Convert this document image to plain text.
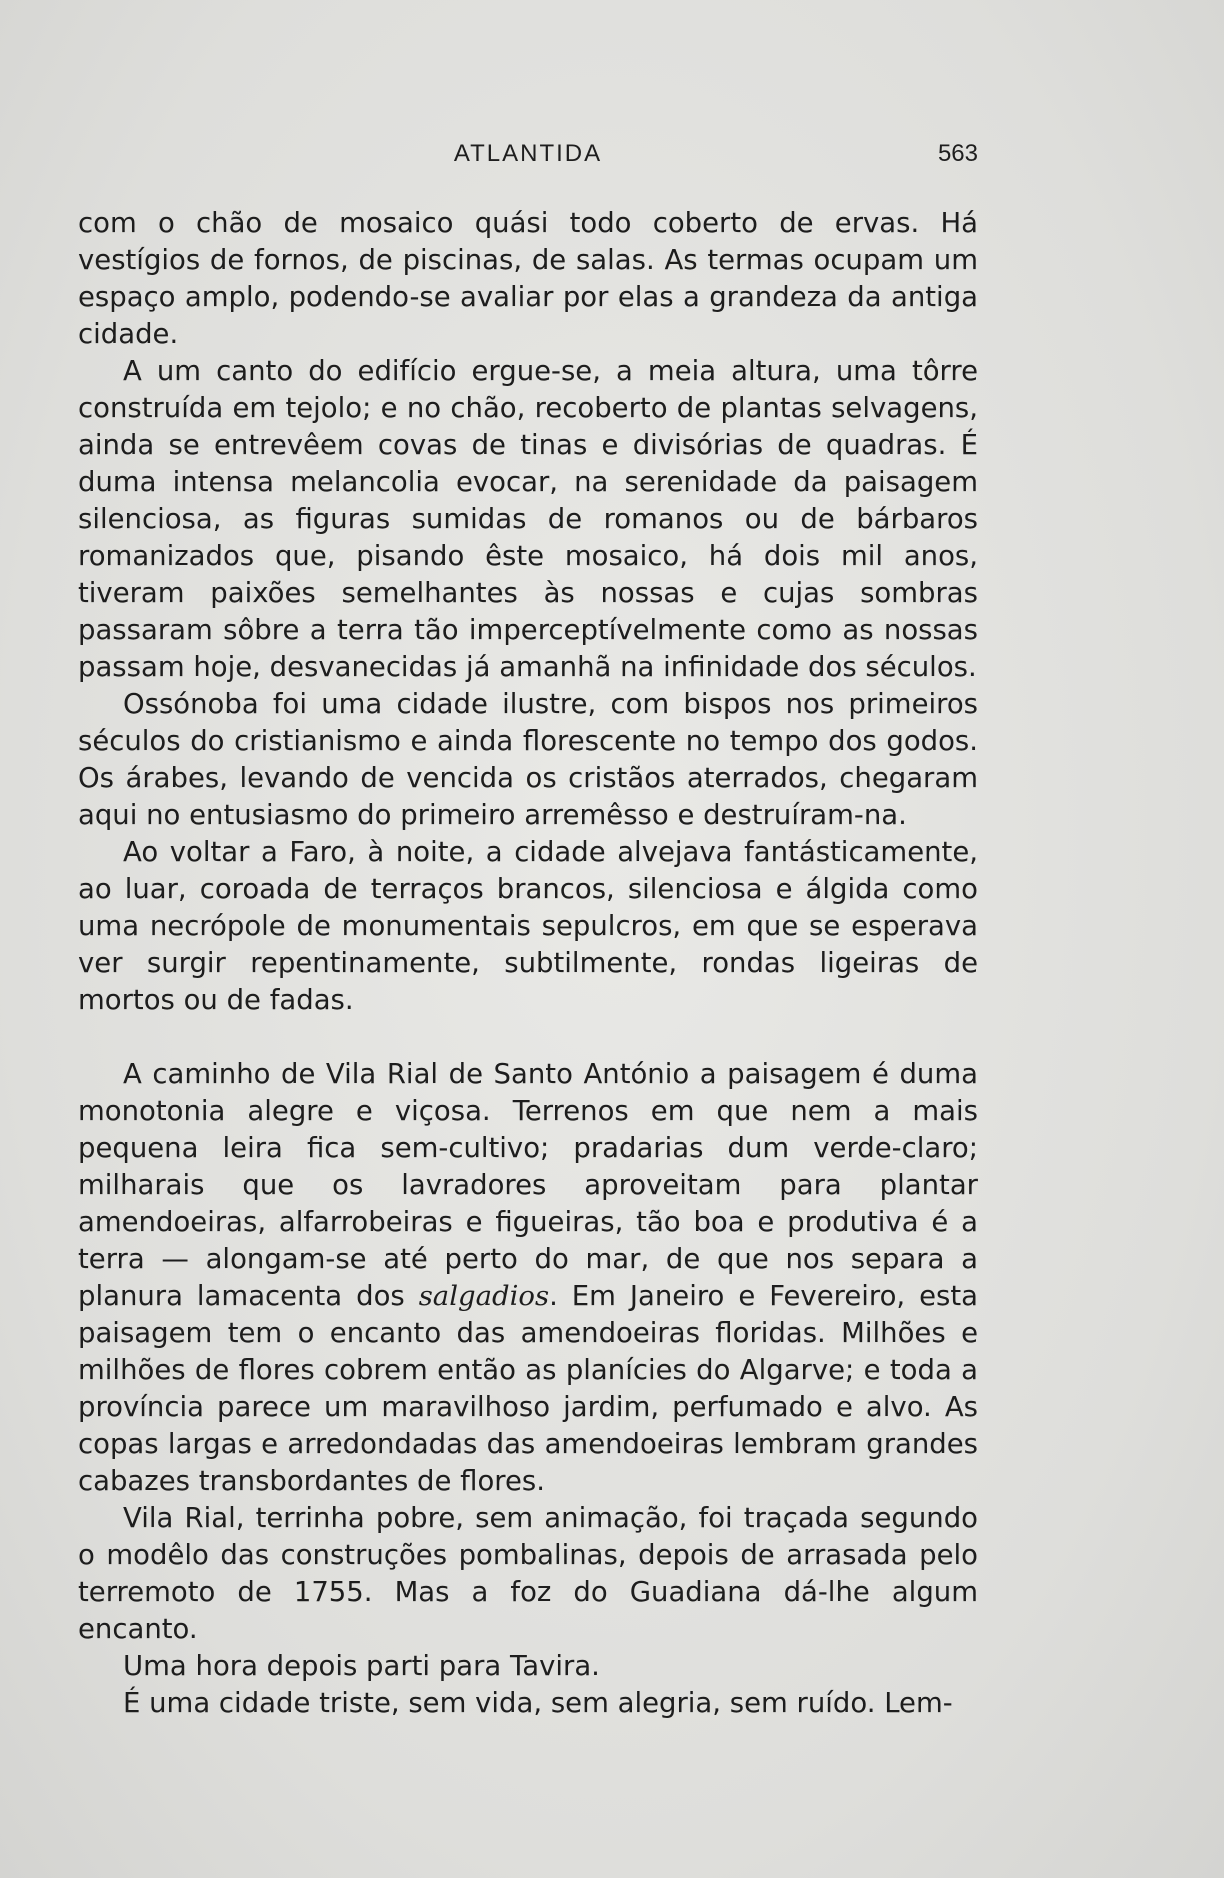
ATLANTIDA	563

com o chão de mosaico quási todo coberto de ervas. Há vestígios de fornos, de piscinas, de salas. As termas ocupam um espaço amplo, podendo-se avaliar por elas a grandeza da antiga cidade.

A um canto do edifício ergue-se, a meia altura, uma tôrre construída em tejolo; e no chão, recoberto de plantas selvagens, ainda se entrevêem covas de tinas e divisórias de quadras. É duma intensa melancolia evocar, na serenidade da paisagem silenciosa, as figuras sumidas de romanos ou de bárbaros romanizados que, pisando êste mosaico, há dois mil anos, tiveram paixões semelhantes às nossas e cujas sombras passaram sôbre a terra tão imperceptívelmente como as nossas passam hoje, desvanecidas já amanhã na infinidade dos séculos.

Ossónoba foi uma cidade ilustre, com bispos nos primeiros séculos do cristianismo e ainda florescente no tempo dos godos. Os árabes, levando de vencida os cristãos aterrados, chegaram aqui no entusiasmo do primeiro arremêsso e destruíram-na.

Ao voltar a Faro, à noite, a cidade alvejava fantásticamente, ao luar, coroada de terraços brancos, silenciosa e álgida como uma necrópole de monumentais sepulcros, em que se esperava ver surgir repentinamente, subtilmente, rondas ligeiras de mortos ou de fadas.

A caminho de Vila Rial de Santo António a paisagem é duma monotonia alegre e viçosa. Terrenos em que nem a mais pequena leira fica sem-cultivo; pradarias dum verde-claro; milharais que os lavradores aproveitam para plantar amendoeiras, alfarrobeiras e figueiras, tão boa e produtiva é a terra — alongam-se até perto do mar, de que nos separa a planura lamacenta dos salgadios. Em Janeiro e Fevereiro, esta paisagem tem o encanto das amendoeiras floridas. Milhões e milhões de flores cobrem então as planícies do Algarve; e toda a província parece um maravilhoso jardim, perfumado e alvo. As copas largas e arredondadas das amendoeiras lembram grandes cabazes transbordantes de flores.

Vila Rial, terrinha pobre, sem animação, foi traçada segundo o modêlo das construções pombalinas, depois de arrasada pelo terremoto de 1755. Mas a foz do Guadiana dá-lhe algum encanto.

Uma hora depois parti para Tavira.

É uma cidade triste, sem vida, sem alegria, sem ruído. Lem-
